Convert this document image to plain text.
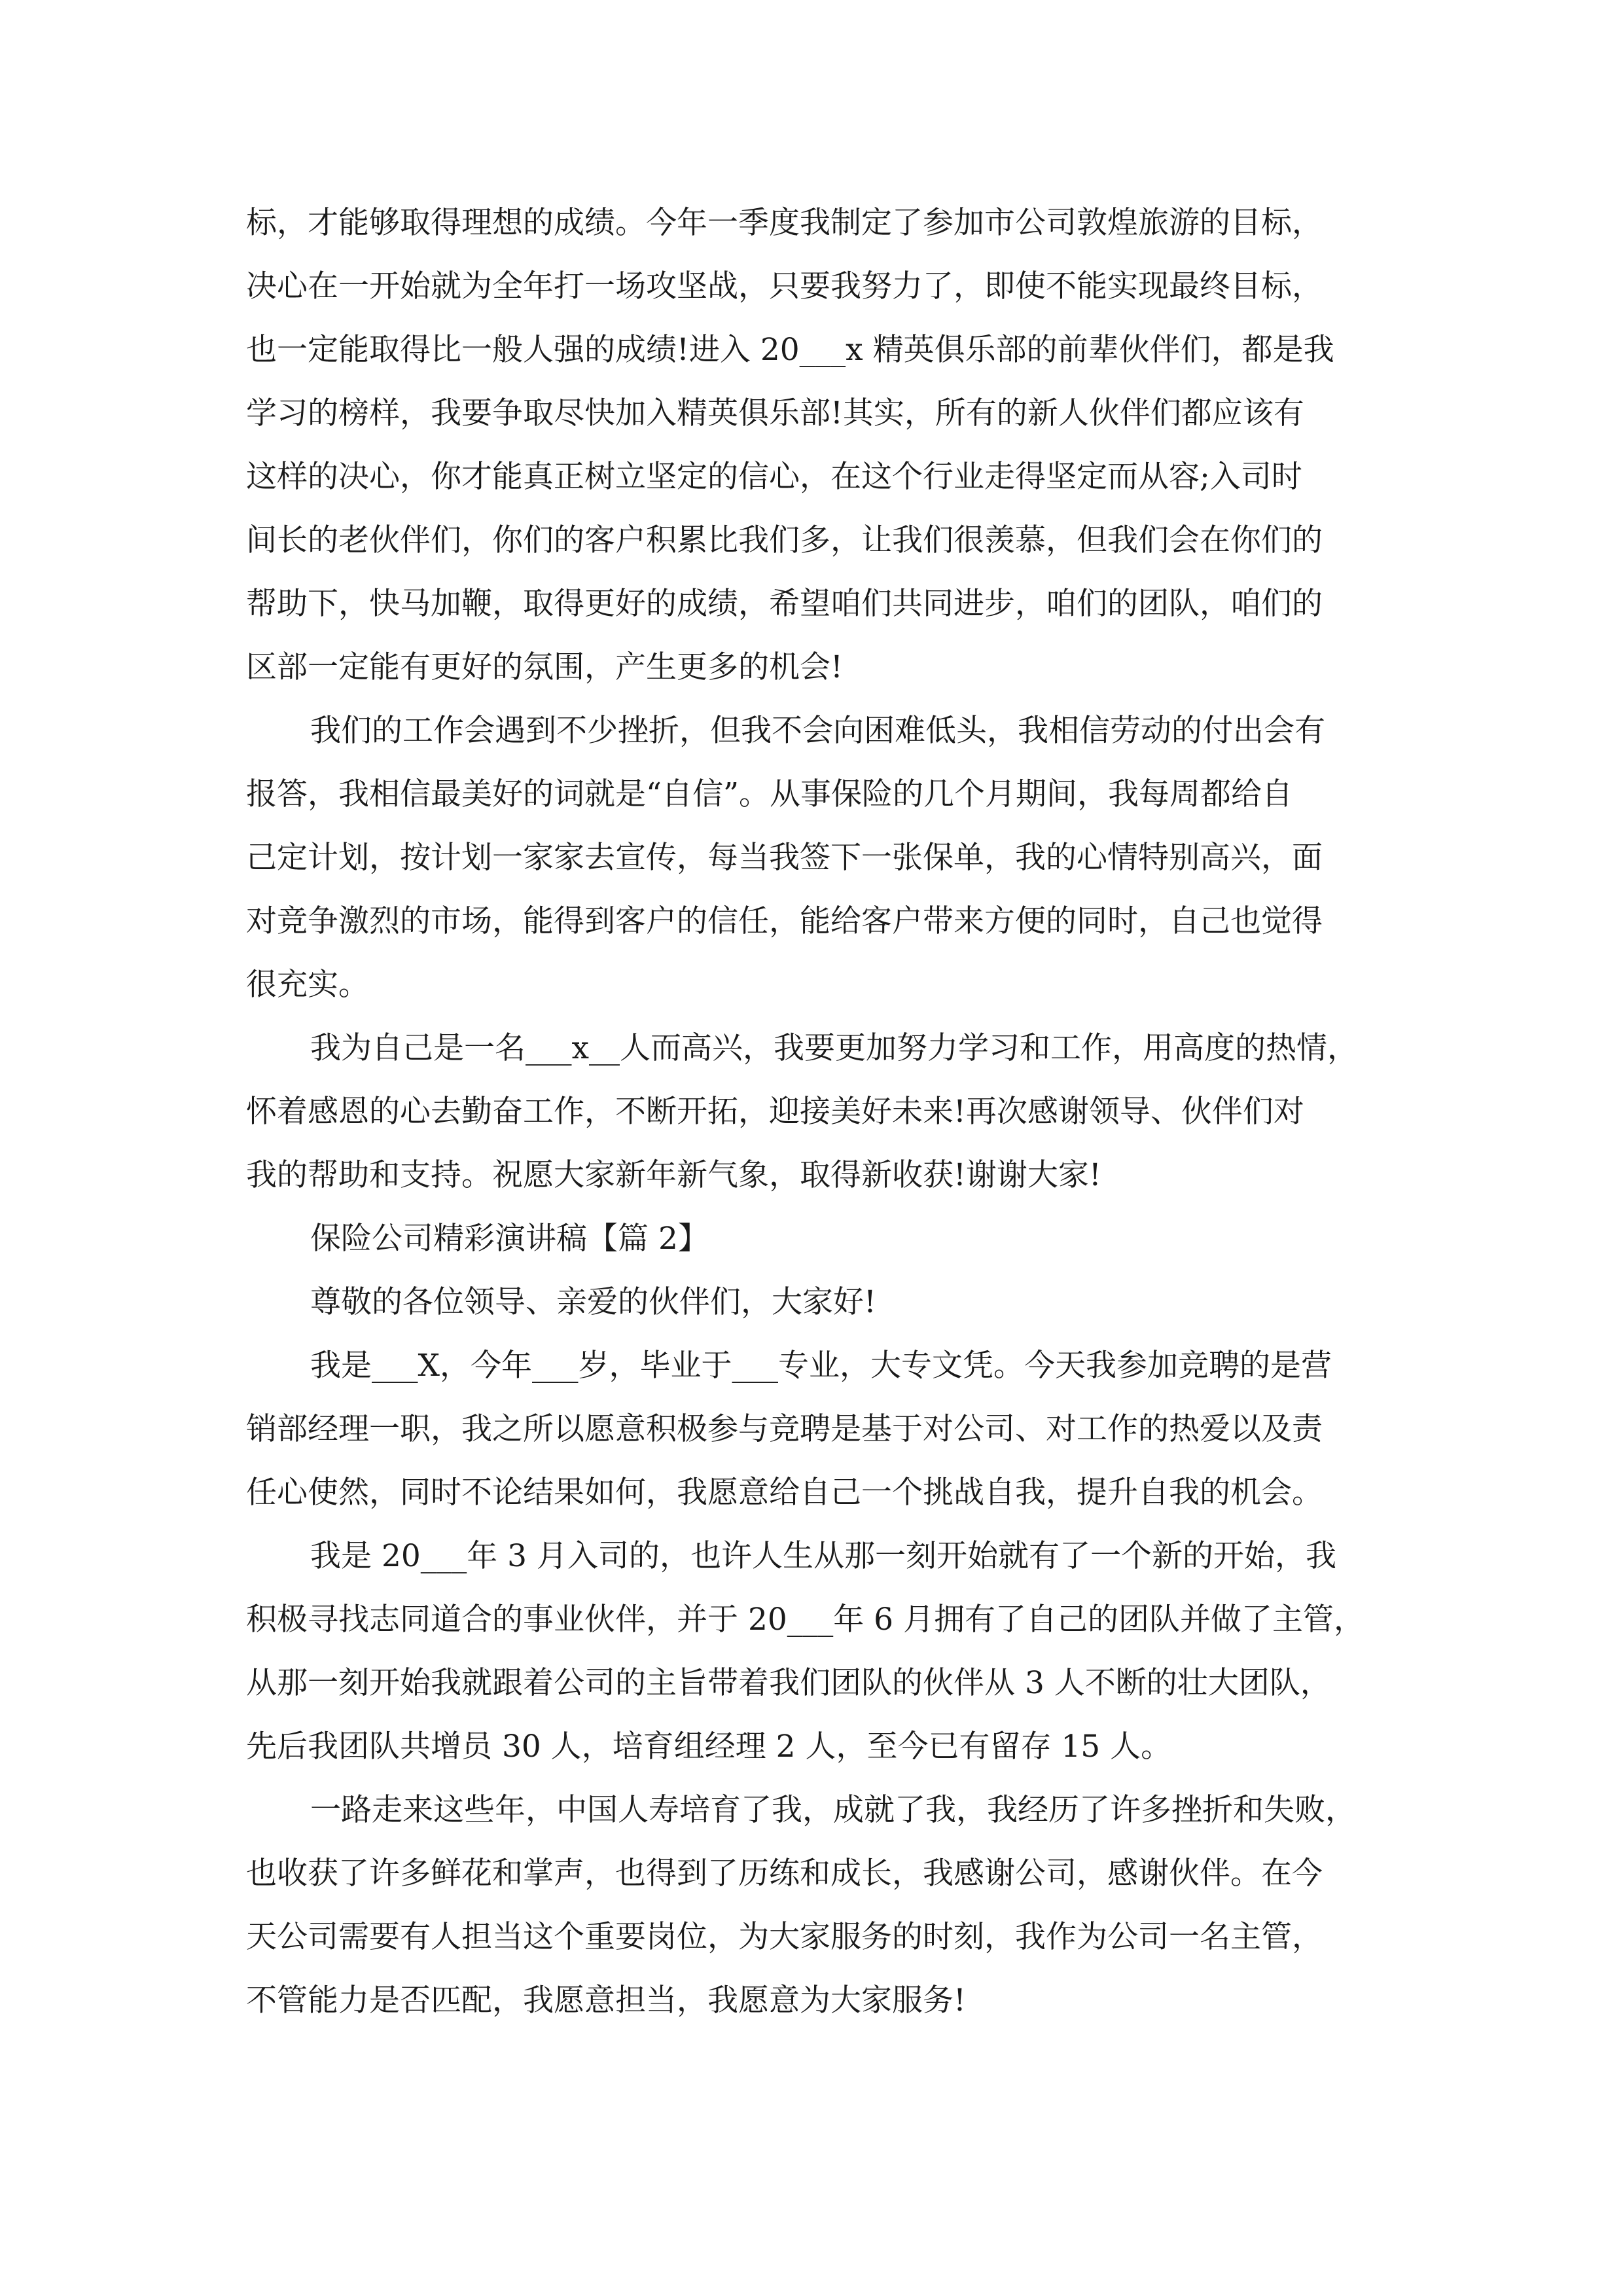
标，才能够取得理想的成绩。今年一季度我制定了参加市公司敦煌旅游的目标，
决心在一开始就为全年打一场攻坚战，只要我努力了，即使不能实现最终目标，
也一定能取得比一般人强的成绩!进入 20___x 精英俱乐部的前辈伙伴们，都是我
学习的榜样，我要争取尽快加入精英俱乐部!其实，所有的新人伙伴们都应该有
这样的决心，你才能真正树立坚定的信心，在这个行业走得坚定而从容;入司时
间长的老伙伴们，你们的客户积累比我们多，让我们很羡慕，但我们会在你们的
帮助下，快马加鞭，取得更好的成绩，希望咱们共同进步，咱们的团队，咱们的
区部一定能有更好的氛围，产生更多的机会!
我们的工作会遇到不少挫折，但我不会向困难低头，我相信劳动的付出会有
报答，我相信最美好的词就是“自信”。从事保险的几个月期间，我每周都给自
己定计划，按计划一家家去宣传，每当我签下一张保单，我的心情特别高兴，面
对竞争激烈的市场，能得到客户的信任，能给客户带来方便的同时，自己也觉得
很充实。
我为自己是一名___x__人而高兴，我要更加努力学习和工作，用高度的热情，
怀着感恩的心去勤奋工作，不断开拓，迎接美好未来!再次感谢领导、伙伴们对
我的帮助和支持。祝愿大家新年新气象，取得新收获!谢谢大家!
保险公司精彩演讲稿【篇 2】
尊敬的各位领导、亲爱的伙伴们，大家好!
我是___X，今年___岁，毕业于___专业，大专文凭。今天我参加竞聘的是营
销部经理一职，我之所以愿意积极参与竞聘是基于对公司、对工作的热爱以及责
任心使然，同时不论结果如何，我愿意给自己一个挑战自我，提升自我的机会。
我是 20___年 3 月入司的，也许人生从那一刻开始就有了一个新的开始，我
积极寻找志同道合的事业伙伴，并于 20___年 6 月拥有了自己的团队并做了主管，
从那一刻开始我就跟着公司的主旨带着我们团队的伙伴从 3 人不断的壮大团队，
先后我团队共增员 30 人，培育组经理 2 人，至今已有留存 15 人。
一路走来这些年，中国人寿培育了我，成就了我，我经历了许多挫折和失败，
也收获了许多鲜花和掌声，也得到了历练和成长，我感谢公司，感谢伙伴。在今
天公司需要有人担当这个重要岗位，为大家服务的时刻，我作为公司一名主管，
不管能力是否匹配，我愿意担当，我愿意为大家服务!
